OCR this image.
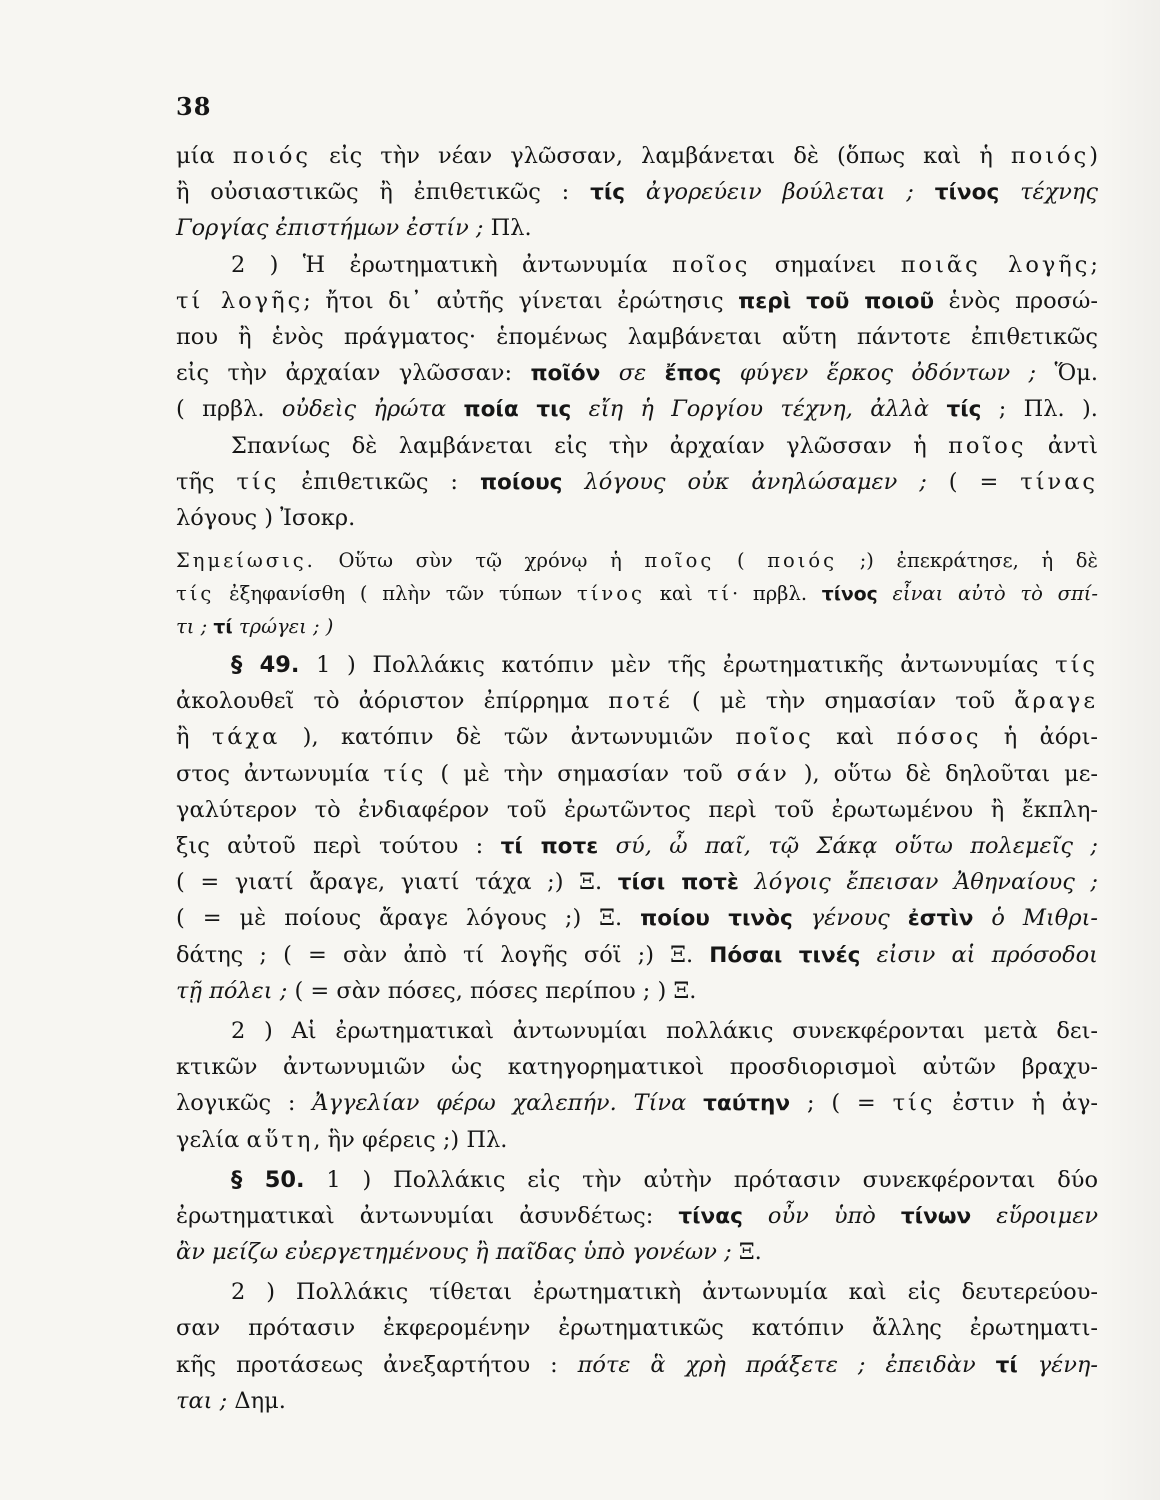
38
μία ποιός εἰς τὴν νέαν γλῶσσαν, λαμβάνεται δὲ (ὅπως καὶ ἡ ποιός)
ἢ οὐσιαστικῶς ἢ ἐπιθετικῶς : τίς ἀγορεύειν βούλεται ; τίνος τέχνης
Γοργίας ἐπιστήμων ἐστίν ; Πλ.
2 ) Ἡ ἐρωτηματικὴ ἀντωνυμία ποῖος σημαίνει ποιᾶς λογῆς;
τί λογῆς; ἤτοι δι᾽ αὐτῆς γίνεται ἐρώτησις περὶ τοῦ ποιοῦ ἑνὸς προσώ-
που ἢ ἑνὸς πράγματος· ἑπομένως λαμβάνεται αὕτη πάντοτε ἐπιθετικῶς
εἰς τὴν ἀρχαίαν γλῶσσαν: ποῖόν σε ἔπος φύγεν ἕρκος ὀδόντων ; Ὅμ.
( πρβλ. οὐδεὶς ἠρώτα ποία τις εἴη ἡ Γοργίου τέχνη, ἀλλὰ τίς ; Πλ. ).
Σπανίως δὲ λαμβάνεται εἰς τὴν ἀρχαίαν γλῶσσαν ἡ ποῖος ἀντὶ
τῆς τίς ἐπιθετικῶς : ποίους λόγους οὐκ ἀνηλώσαμεν ; ( = τίνας
λόγους ) Ἰσοκρ.
Σημείωσις. Οὕτω σὺν τῷ χρόνῳ ἡ ποῖος ( ποιός ;) ἐπεκράτησε, ἡ δὲ
τίς ἐξηφανίσθη ( πλὴν τῶν τύπων τίνος καὶ τί· πρβλ. τίνος εἶναι αὐτὸ τὸ σπί-
τι ; τί τρώγει ; )
§ 49. 1 ) Πολλάκις κατόπιν μὲν τῆς ἐρωτηματικῆς ἀντωνυμίας τίς
ἀκολουθεῖ τὸ ἀόριστον ἐπίρρημα ποτέ ( μὲ τὴν σημασίαν τοῦ ἄραγε
ἢ τάχα ), κατόπιν δὲ τῶν ἀντωνυμιῶν ποῖος καὶ πόσος ἡ ἀόρι-
στος ἀντωνυμία τίς ( μὲ τὴν σημασίαν τοῦ σάν ), οὕτω δὲ δηλοῦται με-
γαλύτερον τὸ ἐνδιαφέρον τοῦ ἐρωτῶντος περὶ τοῦ ἐρωτωμένου ἢ ἔκπλη-
ξις αὐτοῦ περὶ τούτου : τί ποτε σύ, ὦ παῖ, τῷ Σάκᾳ οὕτω πολεμεῖς ;
( = γιατί ἄραγε, γιατί τάχα ;) Ξ. τίσι ποτὲ λόγοις ἔπεισαν Ἀθηναίους ;
( = μὲ ποίους ἄραγε λόγους ;) Ξ. ποίου τινὸς γένους ἐστὶν ὁ Μιθρι-
δάτης ; ( = σὰν ἀπὸ τί λογῆς σόϊ ;) Ξ. Πόσαι τινές εἰσιν αἱ πρόσοδοι
τῇ πόλει ; ( = σὰν πόσες, πόσες περίπου ; ) Ξ.
2 ) Αἱ ἐρωτηματικαὶ ἀντωνυμίαι πολλάκις συνεκφέρονται μετὰ δει-
κτικῶν ἀντωνυμιῶν ὡς κατηγορηματικοὶ προσδιορισμοὶ αὐτῶν βραχυ-
λογικῶς : Ἀγγελίαν φέρω χαλεπήν. Τίνα ταύτην ; ( = τίς ἐστιν ἡ ἀγ-
γελία αὕτη, ἣν φέρεις ;) Πλ.
§ 50. 1 ) Πολλάκις εἰς τὴν αὐτὴν πρότασιν συνεκφέρονται δύο
ἐρωτηματικαὶ ἀντωνυμίαι ἀσυνδέτως: τίνας οὖν ὑπὸ τίνων εὕροιμεν
ἂν μείζω εὐεργετημένους ἢ παῖδας ὑπὸ γονέων ; Ξ.
2 ) Πολλάκις τίθεται ἐρωτηματικὴ ἀντωνυμία καὶ εἰς δευτερεύου-
σαν πρότασιν ἐκφερομένην ἐρωτηματικῶς κατόπιν ἄλλης ἐρωτηματι-
κῆς προτάσεως ἀνεξαρτήτου : πότε ἃ χρὴ πράξετε ; ἐπειδὰν τί γένη-
ται ; Δημ.
